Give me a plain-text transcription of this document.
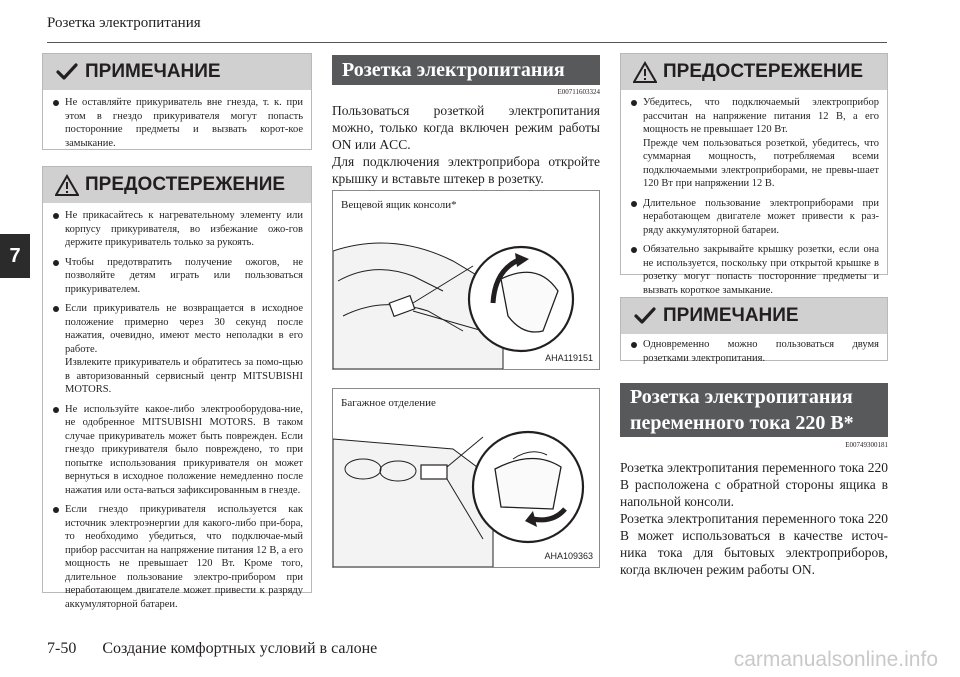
Розетка электропитания
7
ПРИМЕЧАНИЕ
Не оставляйте прикуриватель вне гнезда, т. к. при этом в гнездо прикуривателя могут попасть посторонние предметы и вызвать корот-кое замыкание.
ПРЕДОСТЕРЕЖЕНИЕ
Не прикасайтесь к нагревательному элементу или корпусу прикуривателя, во избежание ожо-гов держите прикуриватель только за рукоять.
Чтобы предотвратить получение ожогов, не позволяйте детям играть или пользоваться прикуривателем.
Если прикуриватель не возвращается в исходное положение примерно через 30 секунд после нажатия, очевидно, имеют место неполадки в его работе.
Извлеките прикуриватель и обратитесь за помо-щью в авторизованный сервисный центр MITSUBISHI MOTORS.
Не используйте какое-либо электрооборудова-ние, не одобренное MITSUBISHI MOTORS. В таком случае прикуриватель может быть поврежден. Если гнездо прикуривателя было повреждено, то при попытке использования прикуривателя он может вернуться в исходное положение немедленно после нажатия или оста-ваться зафиксированным в гнезде.
Если гнездо прикуривателя используется как источник электроэнергии для какого-либо при-бора, то необходимо убедиться, что подключае-мый прибор рассчитан на напряжение питания 12 В, а его мощность не превышает 120 Вт. Кроме того, длительное пользование электро-прибором при неработающем двигателе может привести к разряду аккумуляторной батареи.
Розетка электропитания
E00711603324
Пользоваться розеткой электропитания можно, только когда включен режим работы ON или ACC.
Для подключения электроприбора откройте крышку и вставьте штекер в розетку.
Вещевой ящик консоли*
AHA119151
Багажное отделение
AHA109363
ПРЕДОСТЕРЕЖЕНИЕ
Убедитесь, что подключаемый электроприбор рассчитан на напряжение питания 12 В, а его мощность не превышает 120 Вт.
Прежде чем пользоваться розеткой, убедитесь, что суммарная мощность, потребляемая всеми подключаемыми электроприборами, не превы-шает 120 Вт при напряжении 12 В.
Длительное пользование электроприборами при неработающем двигателе может привести к раз-ряду аккумуляторной батареи.
Обязательно закрывайте крышку розетки, если она не используется, поскольку при открытой крышке в розетку могут попасть посторонние предметы и вызвать короткое замыкание.
ПРИМЕЧАНИЕ
Одновременно можно пользоваться двумя розетками электропитания.
Розетка электропитания
переменного тока 220 В*
E00749300181
Розетка электропитания переменного тока 220 В расположена с обратной стороны ящика в напольной консоли.
Розетка электропитания переменного тока 220 В может использоваться в качестве источ-ника тока для бытовых электроприборов, когда включен режим работы ON.
7-50 Создание комфортных условий в салоне	carmanualsonline.info
